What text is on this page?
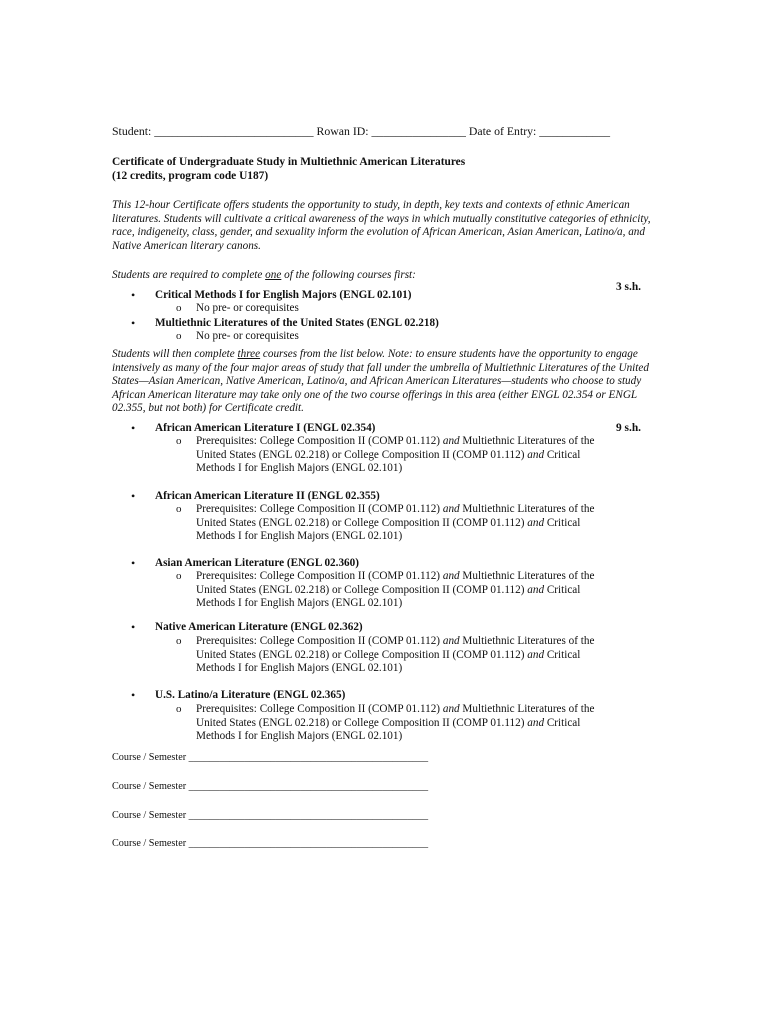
Student: ___________________________ Rowan ID: ________________ Date of Entry: ____________
Certificate of Undergraduate Study in Multiethnic American Literatures
(12 credits, program code U187)
This 12-hour Certificate offers students the opportunity to study, in depth, key texts and contexts of ethnic American literatures. Students will cultivate a critical awareness of the ways in which mutually constitutive categories of ethnicity, race, indigeneity, class, gender, and sexuality inform the evolution of African American, Asian American, Latino/a, and Native American literary canons.
Students are required to complete one of the following courses first:
3 s.h.
• Critical Methods I for English Majors (ENGL 02.101)
o No pre- or corequisites
• Multiethnic Literatures of the United States (ENGL 02.218)
o No pre- or corequisites
Students will then complete three courses from the list below. Note: to ensure students have the opportunity to engage intensively as many of the four major areas of study that fall under the umbrella of Multiethnic Literatures of the United States—Asian American, Native American, Latino/a, and African American Literatures—students who choose to study African American literature may take only one of the two course offerings in this area (either ENGL 02.354 or ENGL 02.355, but not both) for Certificate credit.
9 s.h.
• African American Literature I (ENGL 02.354)
o Prerequisites: College Composition II (COMP 01.112) and Multiethnic Literatures of the United States (ENGL 02.218) or College Composition II (COMP 01.112) and Critical Methods I for English Majors (ENGL 02.101)
• African American Literature II (ENGL 02.355)
o Prerequisites: College Composition II (COMP 01.112) and Multiethnic Literatures of the United States (ENGL 02.218) or College Composition II (COMP 01.112) and Critical Methods I for English Majors (ENGL 02.101)
• Asian American Literature (ENGL 02.360)
o Prerequisites: College Composition II (COMP 01.112) and Multiethnic Literatures of the United States (ENGL 02.218) or College Composition II (COMP 01.112) and Critical Methods I for English Majors (ENGL 02.101)
• Native American Literature (ENGL 02.362)
o Prerequisites: College Composition II (COMP 01.112) and Multiethnic Literatures of the United States (ENGL 02.218) or College Composition II (COMP 01.112) and Critical Methods I for English Majors (ENGL 02.101)
• U.S. Latino/a Literature (ENGL 02.365)
o Prerequisites: College Composition II (COMP 01.112) and Multiethnic Literatures of the United States (ENGL 02.218) or College Composition II (COMP 01.112) and Critical Methods I for English Majors (ENGL 02.101)
Course / Semester _______________________________________________
Course / Semester _______________________________________________
Course / Semester _______________________________________________
Course / Semester _______________________________________________
